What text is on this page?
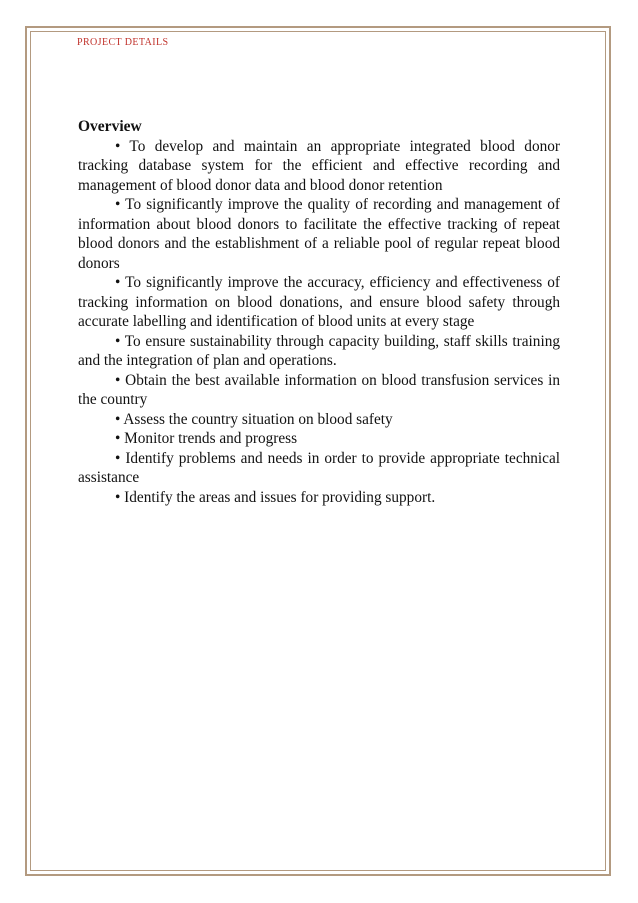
PROJECT DETAILS

Overview

• To develop and maintain an appropriate integrated blood donor tracking database system for the efficient and effective recording and management of blood donor data and blood donor retention

• To significantly improve the quality of recording and management of information about blood donors to facilitate the effective tracking of repeat blood donors and the establishment of a reliable pool of regular repeat blood donors

• To significantly improve the accuracy, efficiency and effectiveness of tracking information on blood donations, and ensure blood safety through accurate labelling and identification of blood units at every stage

• To ensure sustainability through capacity building, staff skills training and the integration of plan and operations.

• Obtain the best available information on blood transfusion services in the country

• Assess the country situation on blood safety

• Monitor trends and progress

• Identify problems and needs in order to provide appropriate technical assistance

• Identify the areas and issues for providing support.
